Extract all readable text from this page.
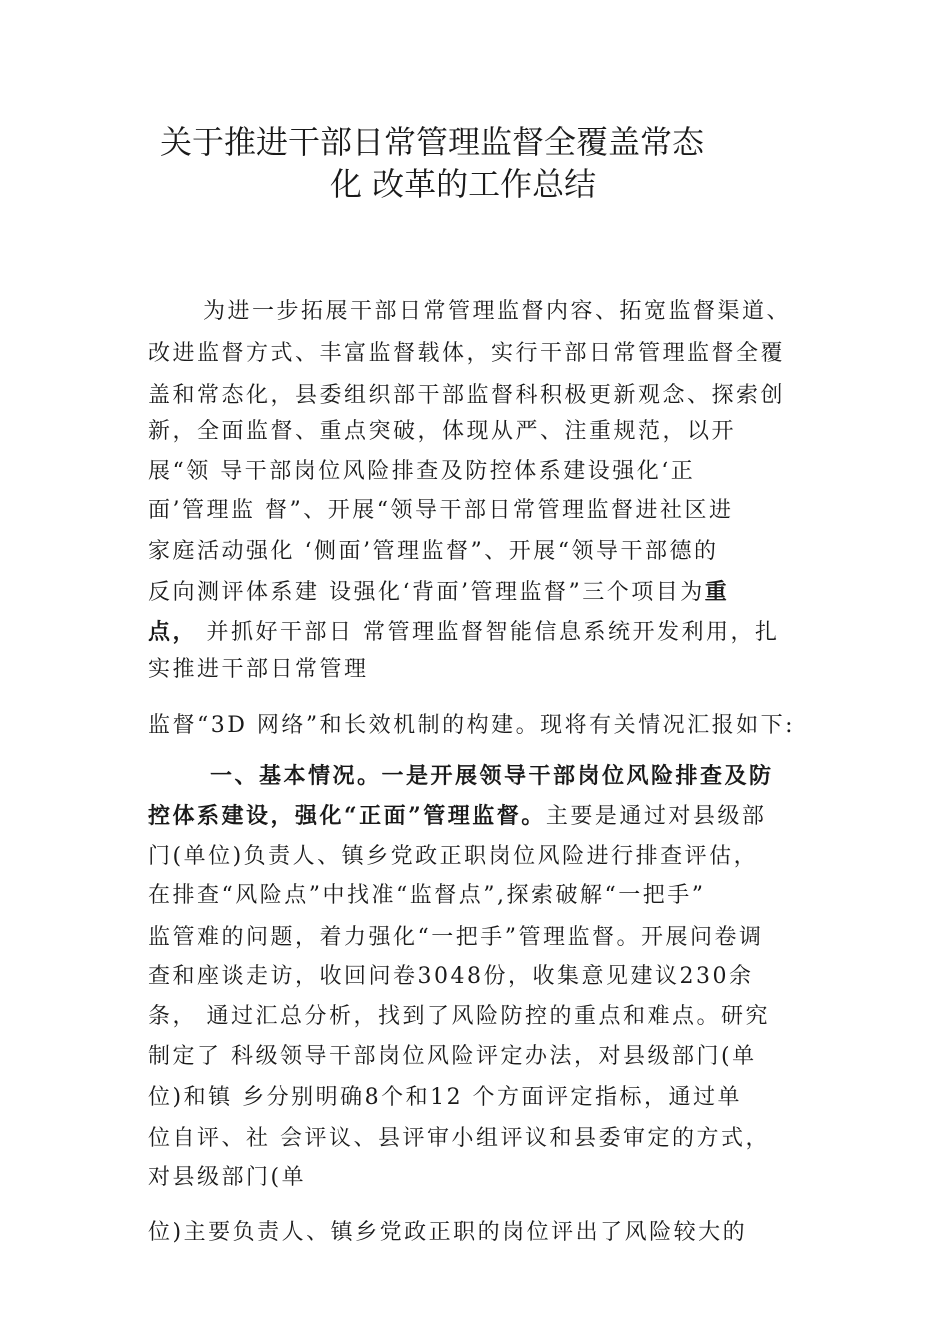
关于推进干部日常管理监督全覆盖常态
化 改革的工作总结
为进一步拓展干部日常管理监督内容、拓宽监督渠道、
改进监督方式、丰富监督载体，实行干部日常管理监督全覆
盖和常态化，县委组织部干部监督科积极更新观念、探索创
新，全面监督、重点突破，体现从严、注重规范，以开
展“领 导干部岗位风险排查及防控体系建设强化‘正
面’管理监 督”、开展“领导干部日常管理监督进社区进
家庭活动强化 ‘侧面’管理监督”、开展“领导干部德的
反向测评体系建 设强化‘背面’管理监督”三个项目为重
点， 并抓好干部日 常管理监督智能信息系统开发利用，扎
实推进干部日常管理
监督“3D 网络”和长效机制的构建。现将有关情况汇报如下:
一、基本情况。一是开展领导干部岗位风险排查及防
控体系建设，强化“正面”管理监督。主要是通过对县级部
门(单位)负责人、镇乡党政正职岗位风险进行排查评估，
在排查“风险点”中找准“监督点”,探索破解“一把手”
监管难的问题，着力强化“一把手”管理监督。开展问卷调
查和座谈走访，收回问卷3048份，收集意见建议230余
条， 通过汇总分析，找到了风险防控的重点和难点。研究
制定了 科级领导干部岗位风险评定办法，对县级部门(单
位)和镇 乡分别明确8个和12 个方面评定指标，通过单
位自评、社 会评议、县评审小组评议和县委审定的方式，
对县级部门(单
位)主要负责人、镇乡党政正职的岗位评出了风险较大的
